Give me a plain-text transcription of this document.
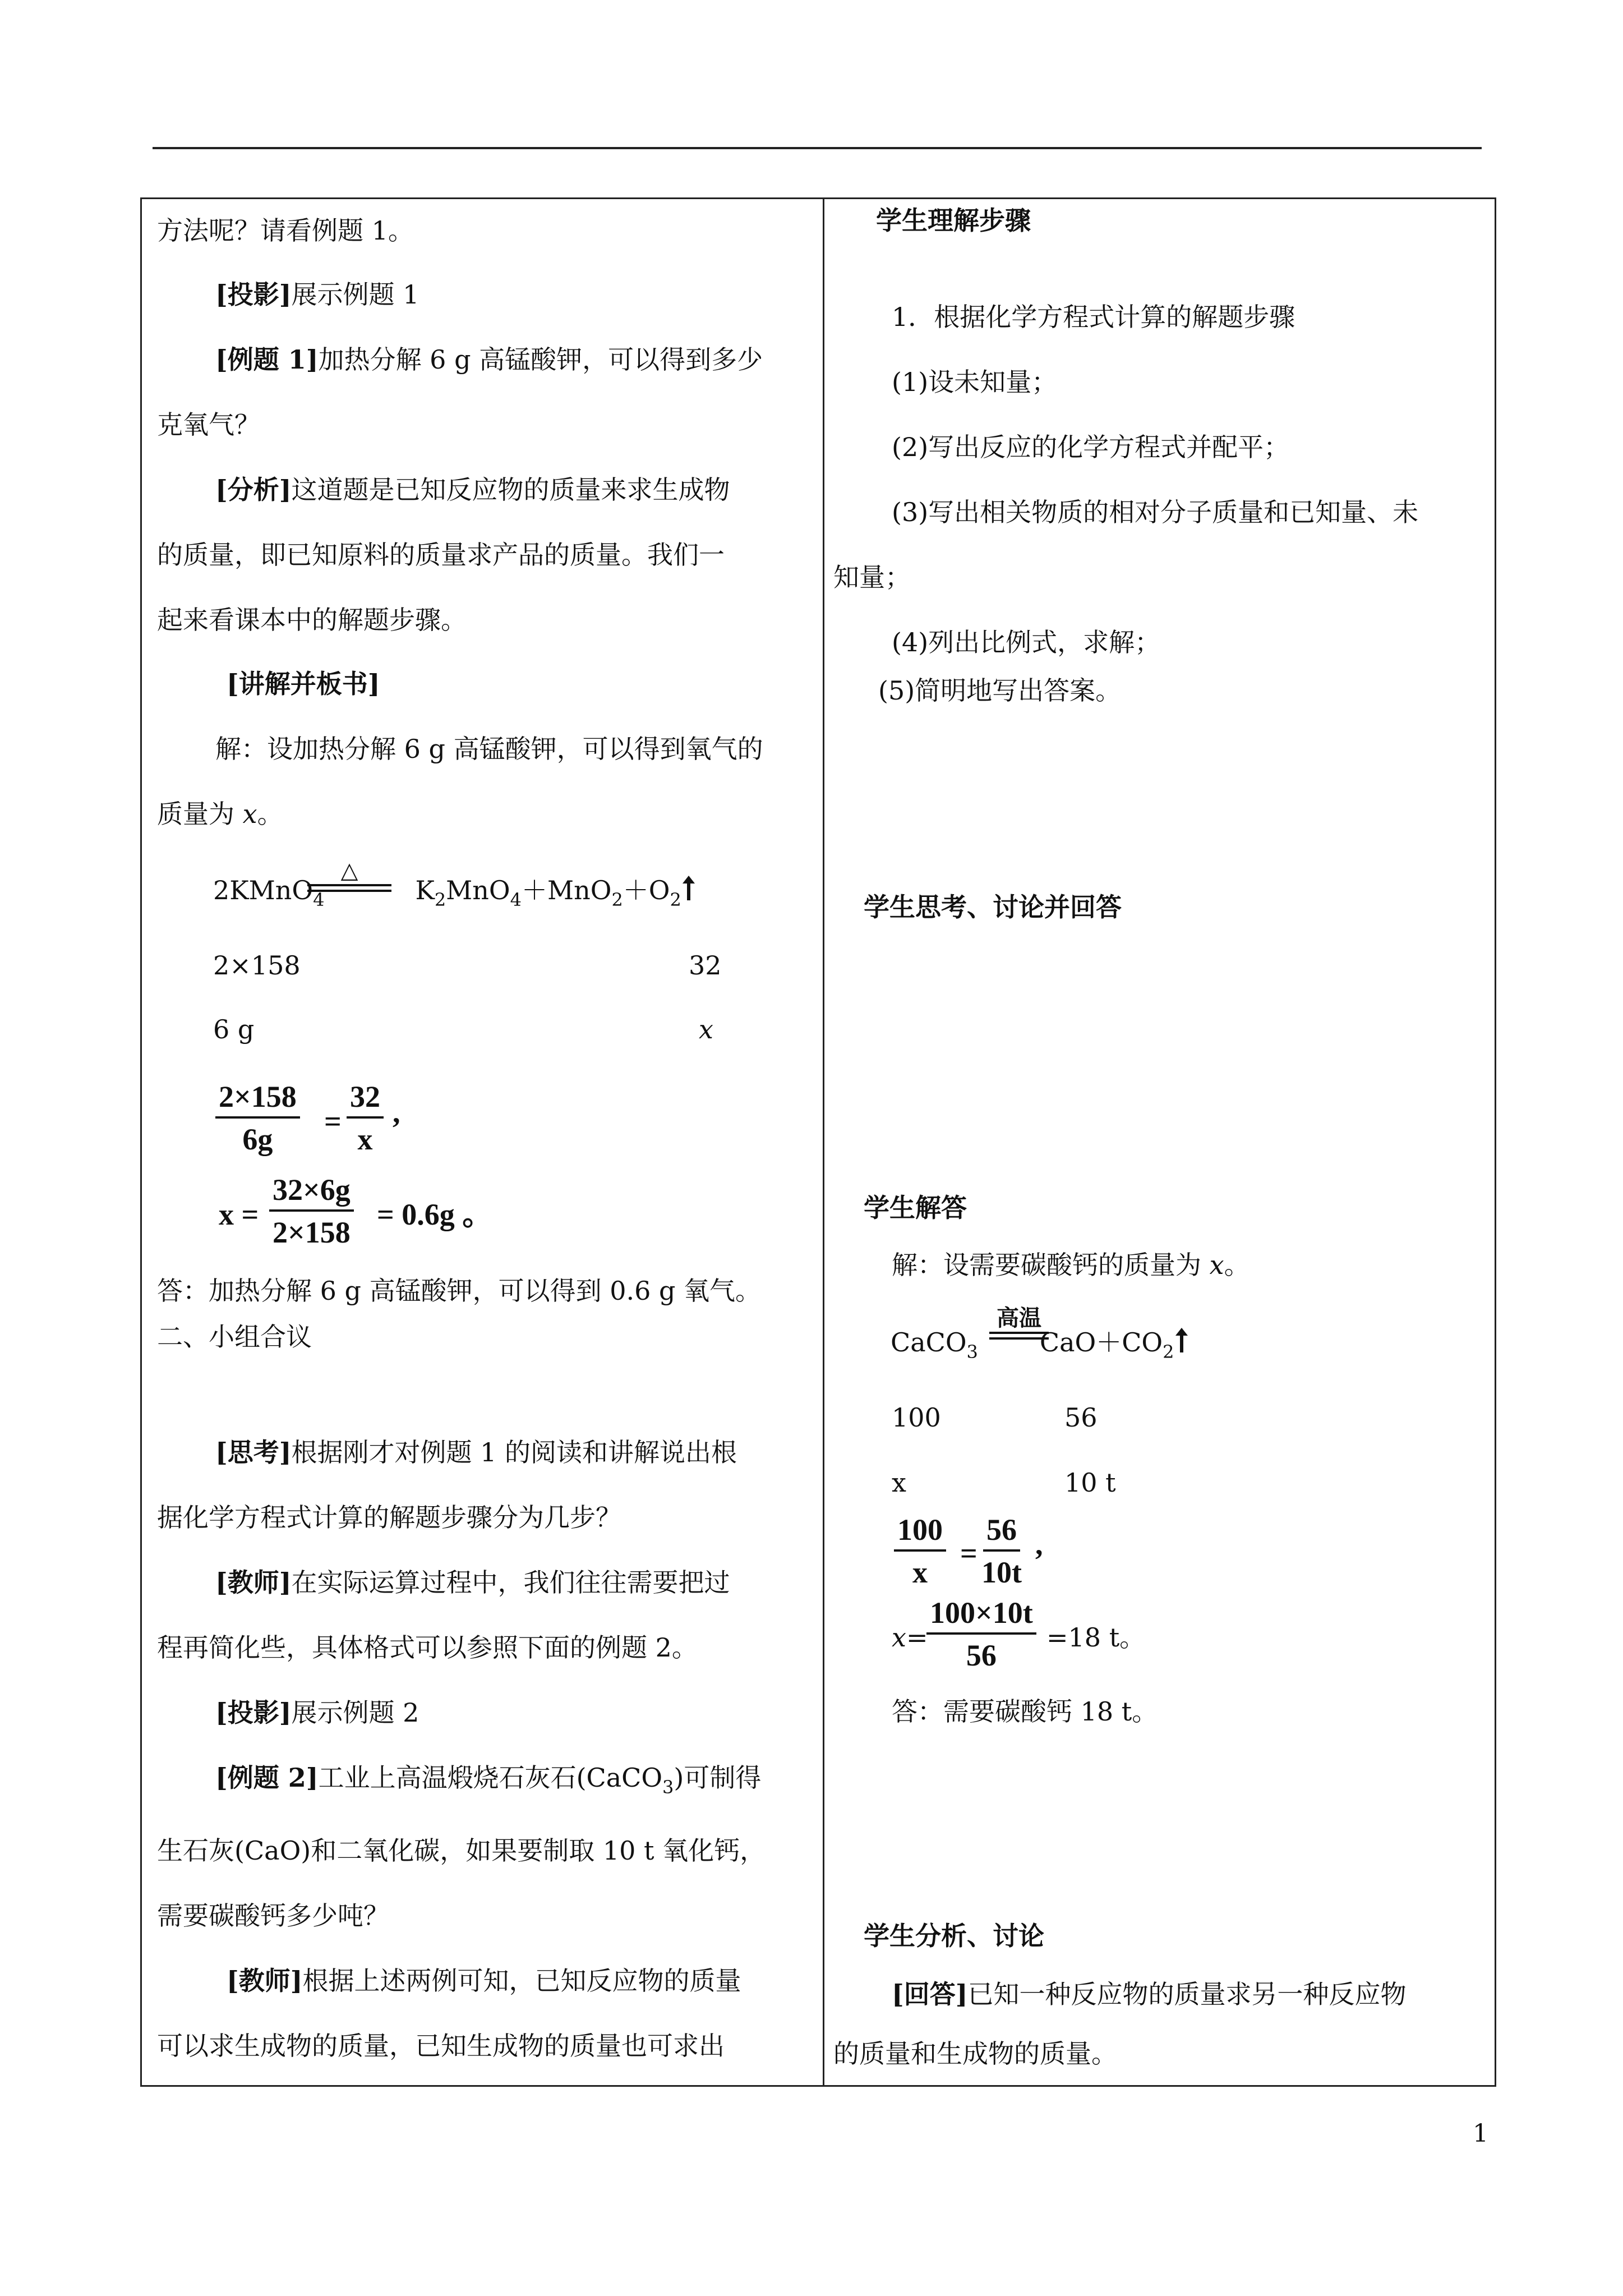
方法呢？请看例题 1。
[投影]展示例题 1
[例题 1]加热分解 6 g 高锰酸钾，可以得到多少
克氧气？
[分析]这道题是已知反应物的质量来求生成物
的质量，即已知原料的质量求产品的质量。我们一
起来看课本中的解题步骤。
[讲解并板书]
解：设加热分解 6 g 高锰酸钾，可以得到氧气的
质量为 x。
2KMnO$_4$	$K_2MnO_4+MnO_2+O_2$
△
2×158	32
6 g	x
$\frac{2\times 158}{6g} = \frac{32}{x}$ ,
$x = \frac{32\times 6g}{2\times 158} = 0.6g$ 。
答：加热分解 6 g 高锰酸钾，可以得到 0.6 g 氧气。
二、小组合议
[思考]根据刚才对例题 1 的阅读和讲解说出根
据化学方程式计算的解题步骤分为几步？
[教师]在实际运算过程中，我们往往需要把过
程再简化些，具体格式可以参照下面的例题 2。
[投影]展示例题 2
[例题 2]工业上高温煅烧石灰石(CaCO$_3$)可制得
生石灰(CaO)和二氧化碳，如果要制取 10 t 氧化钙，
需要碳酸钙多少吨？
[教师]根据上述两例可知，已知反应物的质量
可以求生成物的质量，已知生成物的质量也可求出
学生理解步骤
1．根据化学方程式计算的解题步骤
(1)设未知量；
(2)写出反应的化学方程式并配平；
(3)写出相关物质的相对分子质量和已知量、未
知量；
(4)列出比例式，求解；
(5)简明地写出答案。
学生思考、讨论并回答
学生解答
解：设需要碳酸钙的质量为 x。
CaCO$_3$ $CaO+CO_2$
高温
100	56
x	10 t
$\frac{100}{x} = \frac{56}{10t}$ ,
x=
$\frac{100\times 10t}{56} =18$ t。
答：需要碳酸钙 18 t。
学生分析、讨论
[回答]已知一种反应物的质量求另一种反应物
的质量和生成物的质量。
1
